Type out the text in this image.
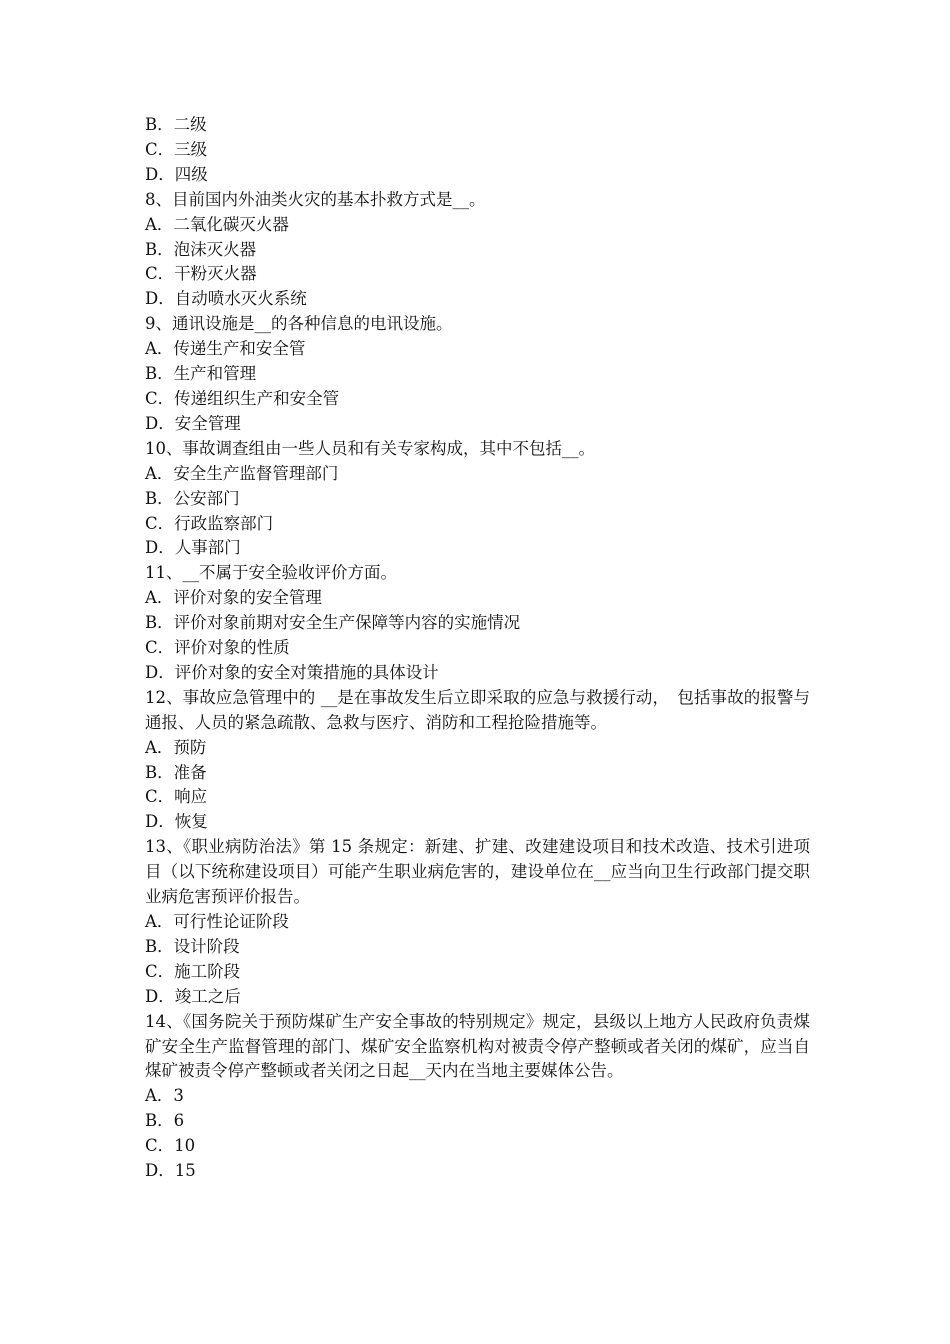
B．二级
C．三级
D．四级
8、目前国内外油类火灾的基本扑救方式是__。
A．二氧化碳灭火器
B．泡沫灭火器
C．干粉灭火器
D．自动喷水灭火系统
9、通讯设施是__的各种信息的电讯设施。
A．传递生产和安全管
B．生产和管理
C．传递组织生产和安全管
D．安全管理
10、事故调查组由一些人员和有关专家构成，其中不包括__。
A．安全生产监督管理部门
B．公安部门
C．行政监察部门
D．人事部门
11、__不属于安全验收评价方面。
A．评价对象的安全管理
B．评价对象前期对安全生产保障等内容的实施情况
C．评价对象的性质
D．评价对象的安全对策措施的具体设计
12、事故应急管理中的 __是在事故发生后立即采取的应急与救援行动，　包括事故的报警与通报、人员的紧急疏散、急救与医疗、消防和工程抢险措施等。
A．预防
B．准备
C．响应
D．恢复
13、《职业病防治法》第 15 条规定：新建、扩建、改建建设项目和技术改造、技术引进项目（以下统称建设项目）可能产生职业病危害的，建设单位在__应当向卫生行政部门提交职业病危害预评价报告。
A．可行性论证阶段
B．设计阶段
C．施工阶段
D．竣工之后
14、《国务院关于预防煤矿生产安全事故的特别规定》规定，县级以上地方人民政府负责煤矿安全生产监督管理的部门、煤矿安全监察机构对被责令停产整顿或者关闭的煤矿，应当自煤矿被责令停产整顿或者关闭之日起__天内在当地主要媒体公告。
A．3
B．6
C．10
D．15
